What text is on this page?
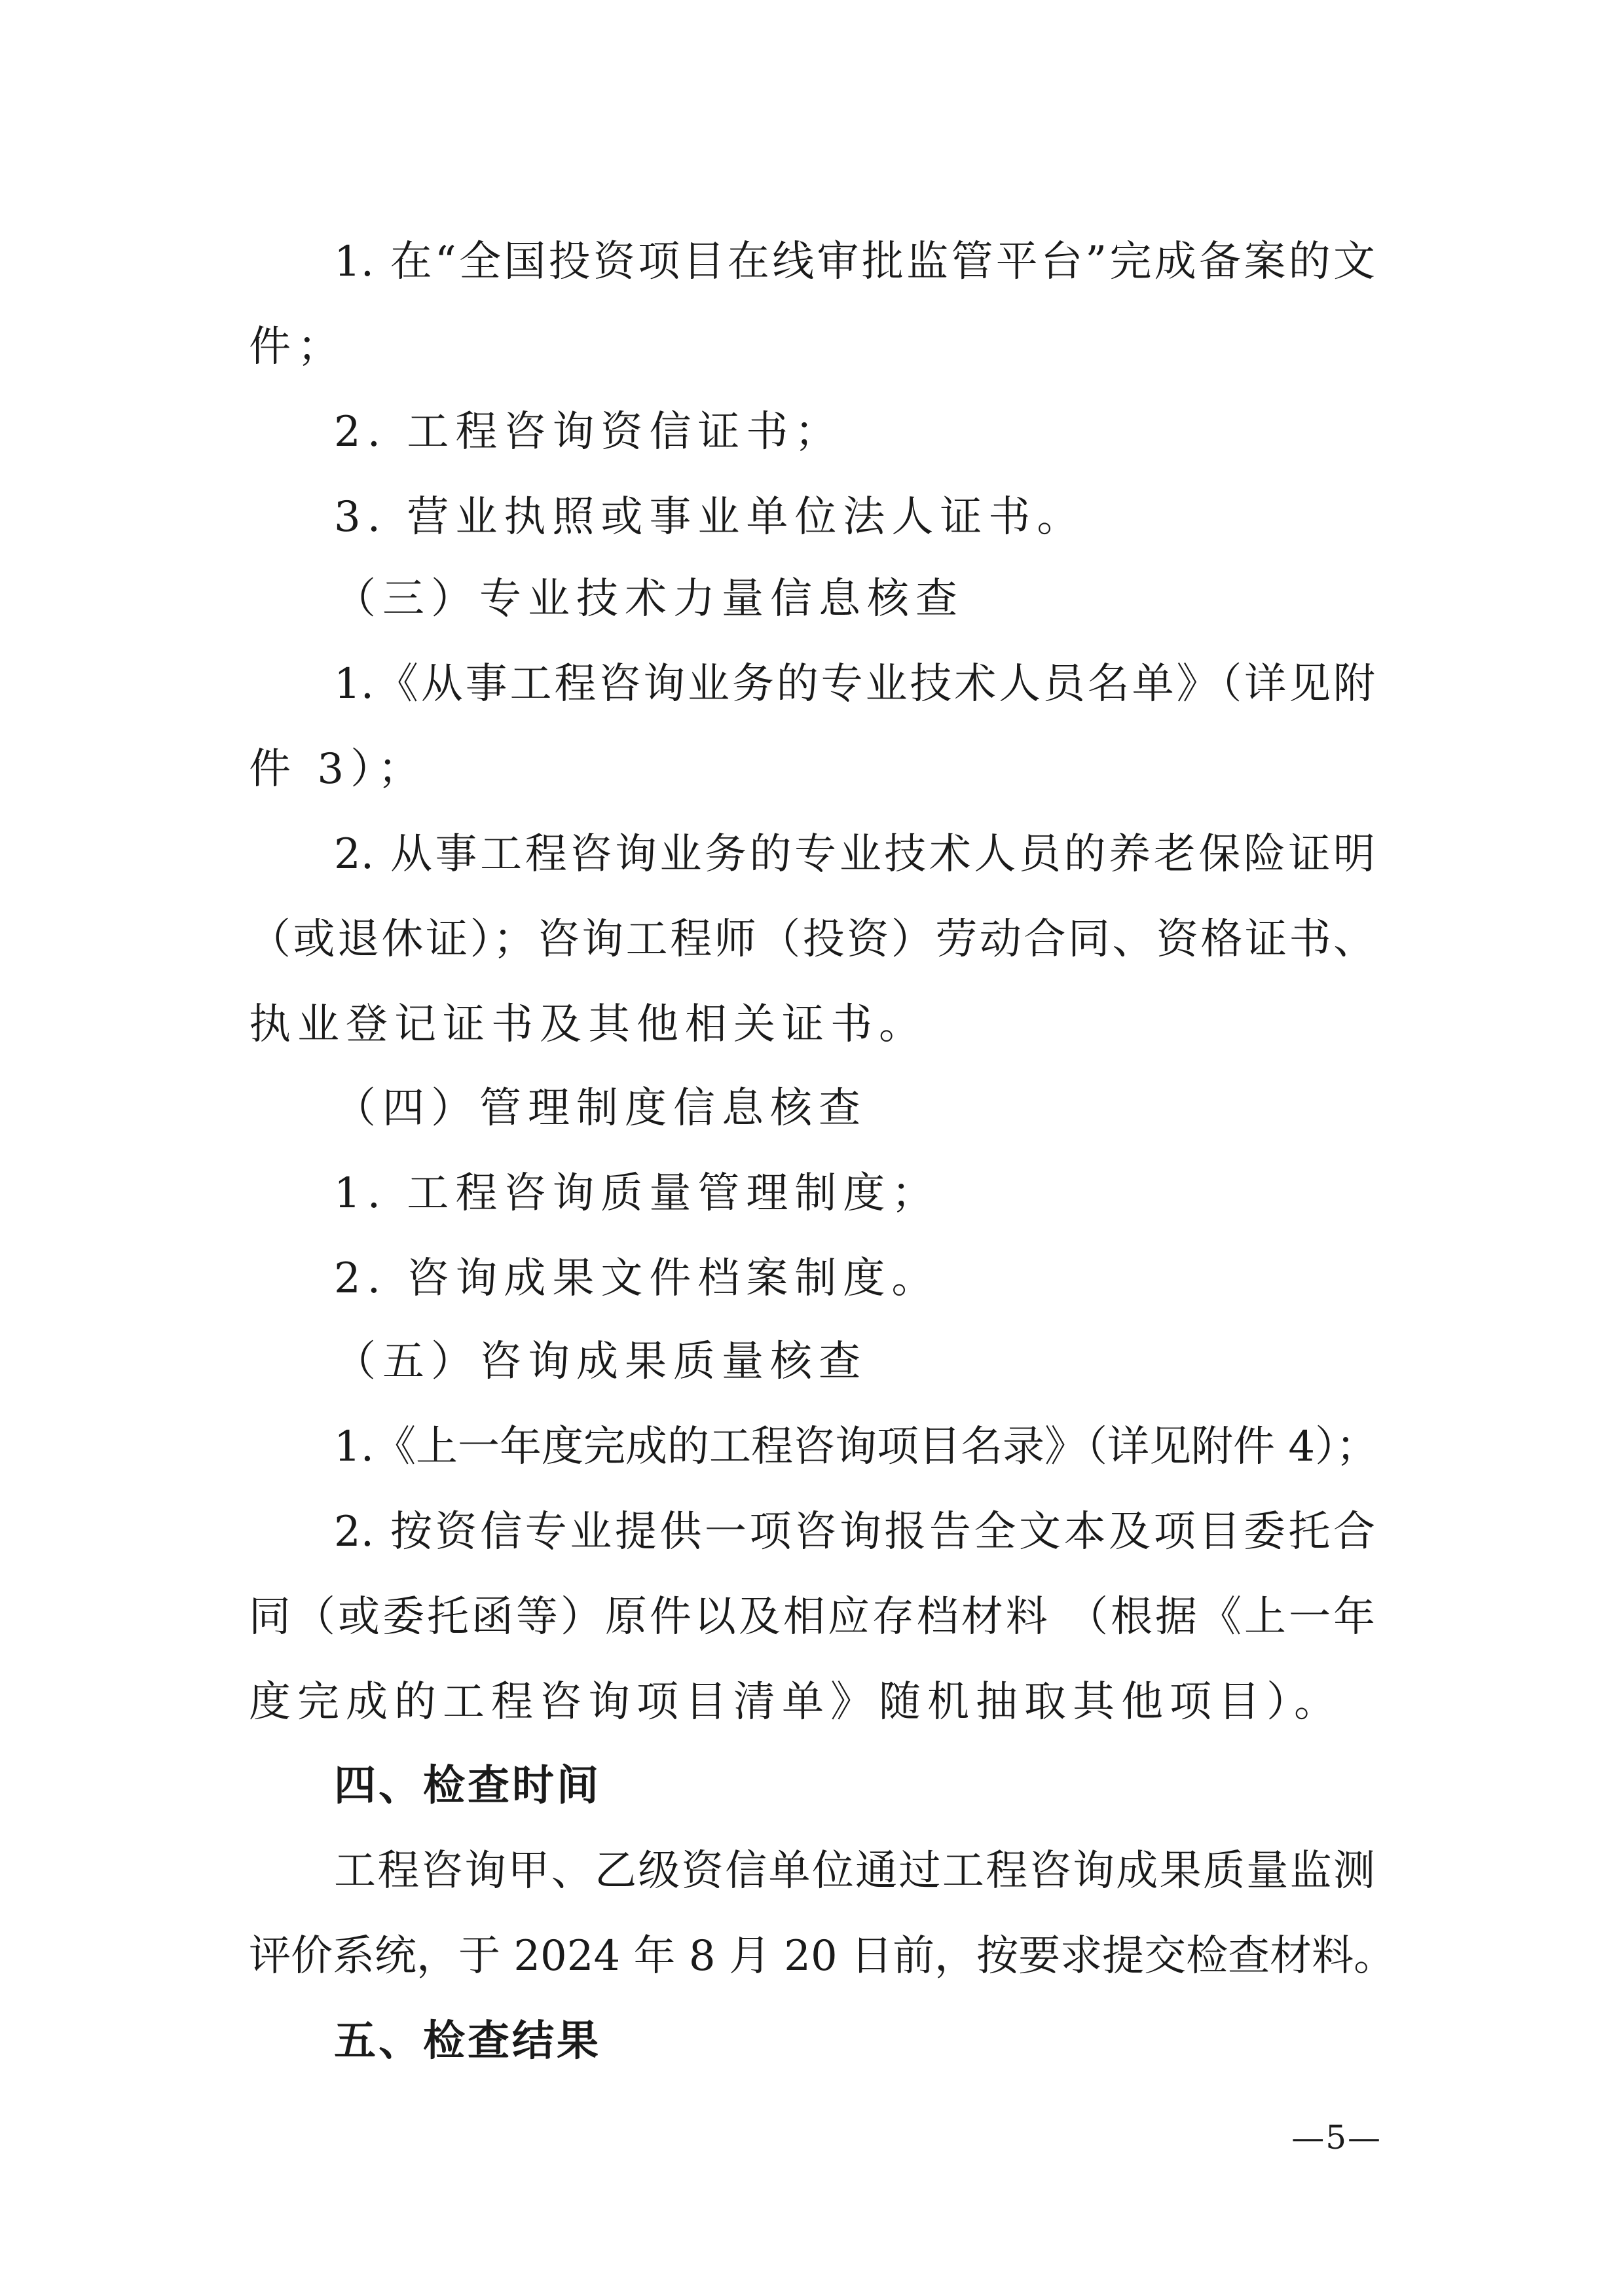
1. 在“全国投资项目在线审批监管平台”完成备案的文
件；
2. 工程咨询资信证书；
3. 营业执照或事业单位法人证书。
（三）专业技术力量信息核查
1.《从事工程咨询业务的专业技术人员名单》（详见附
件 3）；
2. 从事工程咨询业务的专业技术人员的养老保险证明
（或退休证）；咨询工程师（投资）劳动合同、资格证书、
执业登记证书及其他相关证书。
（四）管理制度信息核查
1. 工程咨询质量管理制度；
2. 咨询成果文件档案制度。
（五）咨询成果质量核查
1.《上一年度完成的工程咨询项目名录》（详见附件 4）；
2. 按资信专业提供一项咨询报告全文本及项目委托合
同（或委托函等）原件以及相应存档材料 （根据《上一年
度完成的工程咨询项目清单》随机抽取其他项目）。
四、检查时间
工程咨询甲、乙级资信单位通过工程咨询成果质量监测
评价系统，于 2024 年 8 月 20 日前，按要求提交检查材料。
五、检查结果
—5—
